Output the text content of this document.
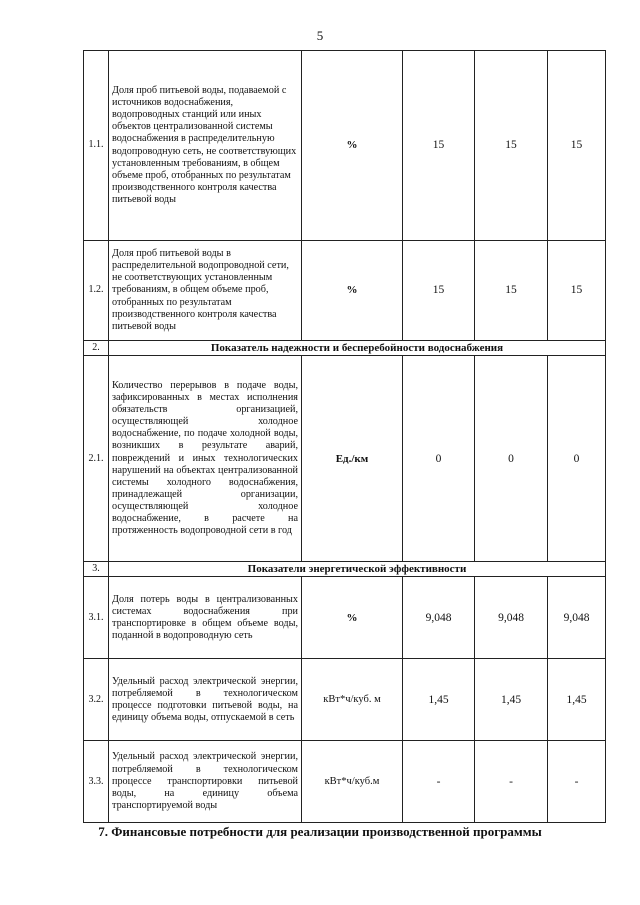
5
1.1.	Доля проб питьевой воды, подаваемой с источников водоснабжения, водопроводных станций или иных объектов централизованной системы водоснабжения в распределительную водопроводную сеть, не соответствующих установленным требованиям, в общем объеме проб, отобранных по результатам производственного контроля качества питьевой воды	%	15	15	15
1.2.	Доля проб питьевой воды в распределительной водопроводной сети, не соответствующих установленным требованиям, в общем объеме проб, отобранных по результатам производственного контроля качества питьевой воды	%	15	15	15
2.	Показатель надежности и бесперебойности водоснабжения				
2.1.	Количество перерывов в подаче воды, зафиксированных в местах исполнения обязательств организацией, осуществляющей холодное водоснабжение, по подаче холодной воды, возникших в результате аварий, повреждений и иных технологических нарушений на объектах централизованной системы холодного водоснабжения, принадлежащей организации, осуществляющей холодное водоснабжение, в расчете на протяженность водопроводной сети в год	Ед./км	0	0	0
3.	Показатели энергетической эффективности				
3.1.	Доля потерь воды в централизованных системах водоснабжения при транспортировке в общем объеме воды, поданной в водопроводную сеть	%	9,048	9,048	9,048
3.2.	Удельный расход электрической энергии, потребляемой в технологическом процессе подготовки питьевой воды, на единицу объема воды, отпускаемой в сеть	кВт*ч/куб. м	1,45	1,45	1,45
3.3.	Удельный расход электрической энергии, потребляемой в технологическом процессе транспортировки питьевой воды, на единицу объема транспортируемой воды	кВт*ч/куб.м	-	-	-
7. Финансовые потребности для реализации производственной программы
